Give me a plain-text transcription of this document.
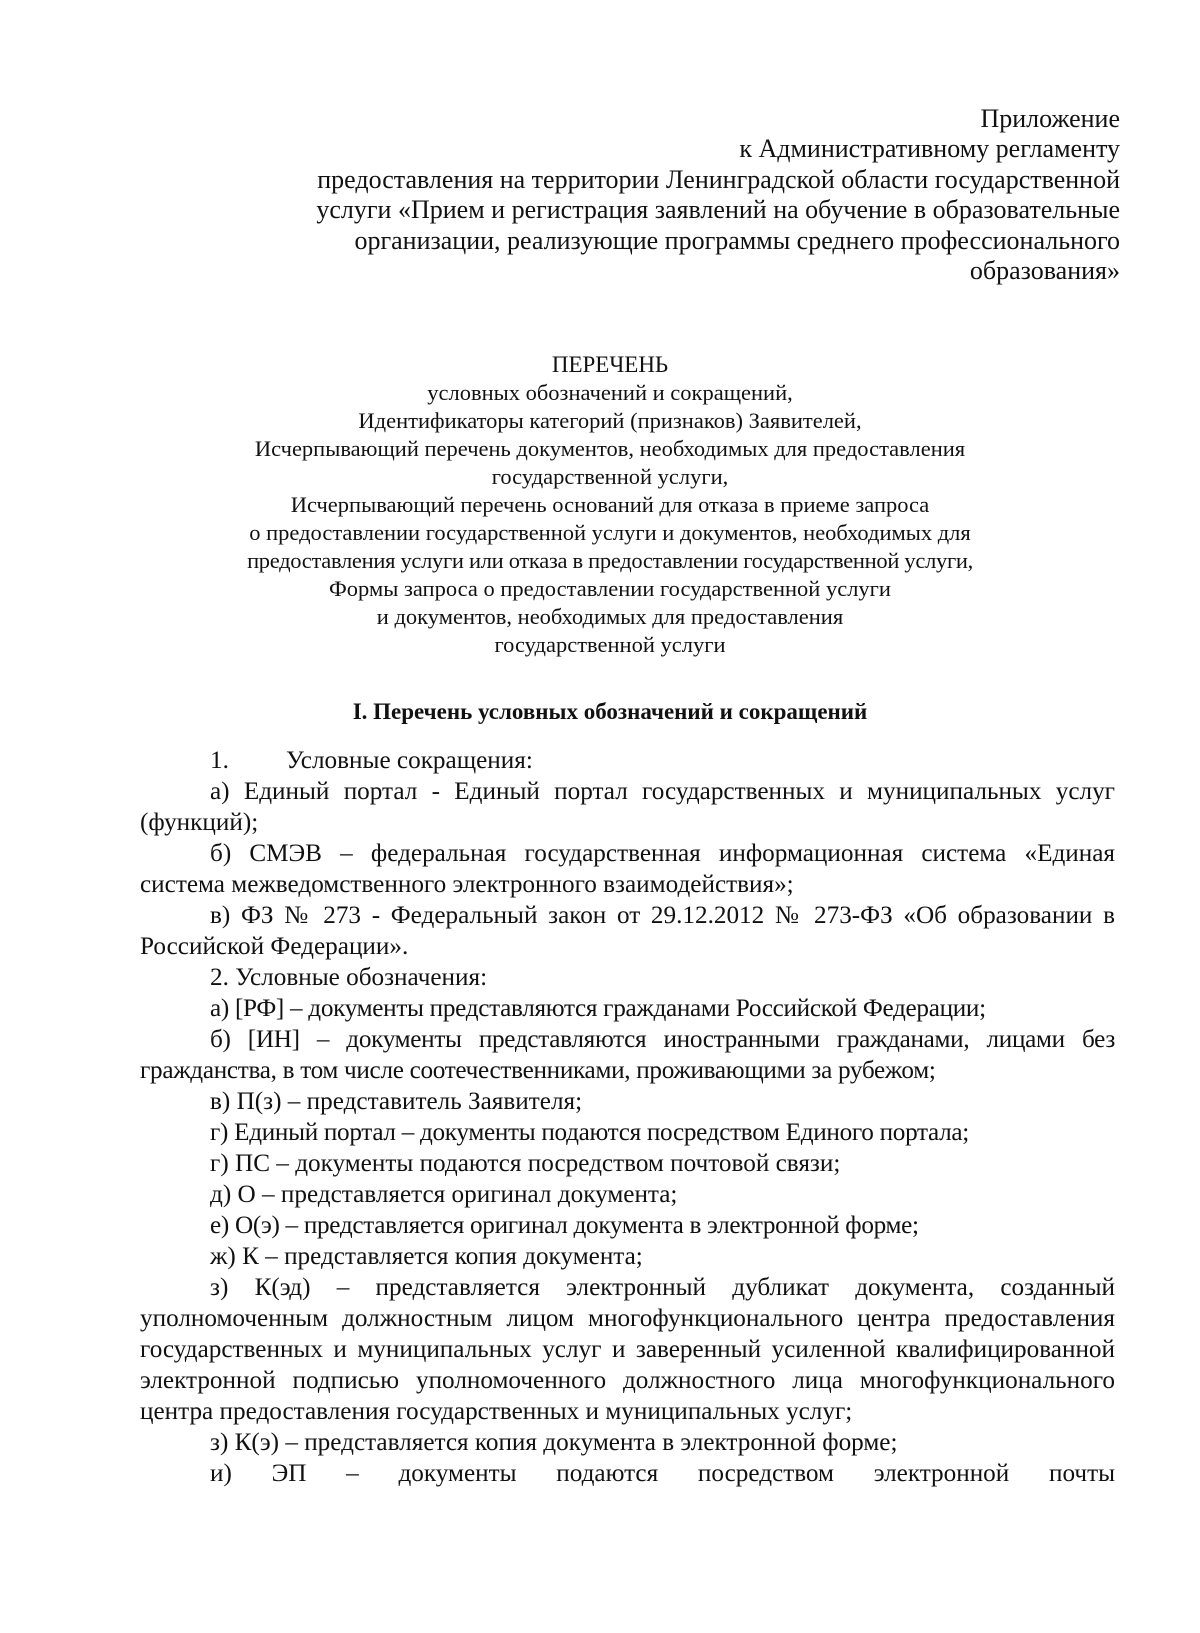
Приложение
к Административному регламенту
предоставления на территории Ленинградской области государственной
услуги «Прием и регистрация заявлений на обучение в образовательные
организации, реализующие программы среднего профессионального
образования»
ПЕРЕЧЕНЬ
условных обозначений и сокращений,
Идентификаторы категорий (признаков) Заявителей,
Исчерпывающий перечень документов, необходимых для предоставления
государственной услуги,
Исчерпывающий перечень оснований для отказа в приеме запроса
о предоставлении государственной услуги и документов, необходимых для
предоставления услуги или отказа в предоставлении государственной услуги,
Формы запроса о предоставлении государственной услуги
и документов, необходимых для предоставления
государственной услуги
I. Перечень условных обозначений и сокращений
1. Условные сокращения:
а) Единый портал - Единый портал государственных и муниципальных услуг (функций);
б) СМЭВ – федеральная государственная информационная система «Единая система межведомственного электронного взаимодействия»;
в) ФЗ № 273 - Федеральный закон от 29.12.2012 № 273-ФЗ «Об образовании в Российской Федерации».
2. Условные обозначения:
а) [РФ] – документы представляются гражданами Российской Федерации;
б) [ИН] – документы представляются иностранными гражданами, лицами без гражданства, в том числе соотечественниками, проживающими за рубежом;
в) П(з) – представитель Заявителя;
г) Единый портал – документы подаются посредством Единого портала;
г) ПС – документы подаются посредством почтовой связи;
д) О – представляется оригинал документа;
е) О(э) – представляется оригинал документа в электронной форме;
ж) К – представляется копия документа;
з) К(эд) – представляется электронный дубликат документа, созданный уполномоченным должностным лицом многофункционального центра предоставления государственных и муниципальных услуг и заверенный усиленной квалифицированной электронной подписью уполномоченного должностного лица многофункционального центра предоставления государственных и муниципальных услуг;
з) К(э) – представляется копия документа в электронной форме;
и) ЭП – документы подаются посредством электронной почты
